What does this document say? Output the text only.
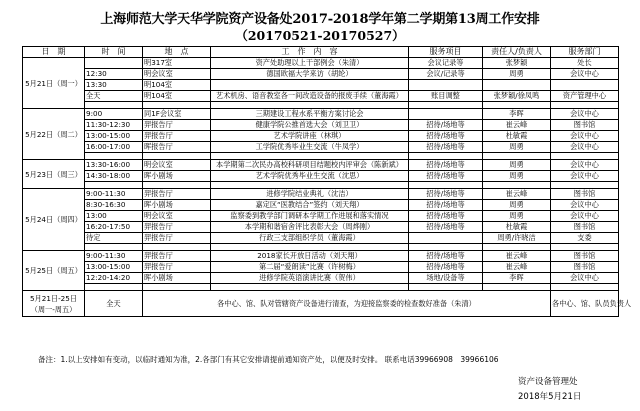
上海师范大学天华学院资产设备处2017-2018学年第二学期第13周工作安排
（20170521-20170527）
日　期	时　间	地　点	工　作　内　容	服务项目	责任人/负责人	服务部门
5月21日（周一）		明317室	资产处助理以上干部例会（朱清）	会议记录等	张梦颖	处长
	12:30	明会议室	德国欧福大学来访（胡纶）	会议/记录等	周勇	会议中心
	13:30	明104室				
	全天	明104室	艺术机房、语音教室各一间改造设备的报废手续（董海霞）	账目调整	张梦颖/徐凤鸣	资产管理中心

5月22日（周二）	9:00	同1F会议室	三期建设工程水系平衡方案讨论会		李晖	会议中心
	11:30-12:30	羿报告厅	健康学院公推首选大会（刘卫卫）	招待/场地等	崔云峰	图书馆
	13:00-15:00	羿报告厅	艺术学院讲座（林琪）	招待/场地等	杜敏霞	会议中心
	16:00-17:00	晖报告厅	工学院优秀毕业生交流（牛凤学）	招待/场地等	周勇	会议中心

5月23日（周三）	13:30-16:00	明会议室	本学期第二次民办高校科研项目结题校内评审会（陈新斌）	招待/场地等	周勇	会议中心
	14:30-18:00	晖小剧场	艺术学院优秀毕业生交流（沈思）	招待/场地等	周勇	会议中心

5月24日（周四）	9:00-11:30	羿报告厅	进修学院结业典礼（沈洁）	招待/场地等	崔云峰	图书馆
	8:30-16:30	晖小剧场	嘉定区“医教结合”签约（刘天翔）	招待/场地等	周勇	会议中心
	13:00	明会议室	监察委到教学部门调研本学期工作进展和落实情况	招待/场地等	周勇	会议中心
	16:20-17:50	羿报告厅	本学期和谐宿舍评比表彰大会（周烨刚）	招待/场地等	杜敏霞	图书馆
	待定	羿报告厅	行政三支部组织学员（董海霞）		周勇/许晓洁	支委

5月25日（周五）	9:00-11:30	羿报告厅	2018家长开放日活动（刘天翔）	招待/场地等	崔云峰	图书馆
	13:00-15:00	羿报告厅	第二届“爱朗读”比赛（许树梅）	招待/场地等	崔云峰	图书馆
	12:20-14:20	晖小剧场	进修学院英语演讲比赛（贺伟）	场地/设备等	李晖	会议中心

5月21日-25日（周一-周五）	全天	各中心、馆、队对管辖资产设备进行清查，为迎接监察委的检查数好准备（朱清）				各中心、馆、队员负责人
备注：1.以上安排如有变动，以临时通知为准，2.各部门有其它安排请提前通知资产处，以便及时安排。 联系电话39966908　39966106
资产设备管理处
2018年5月21日
